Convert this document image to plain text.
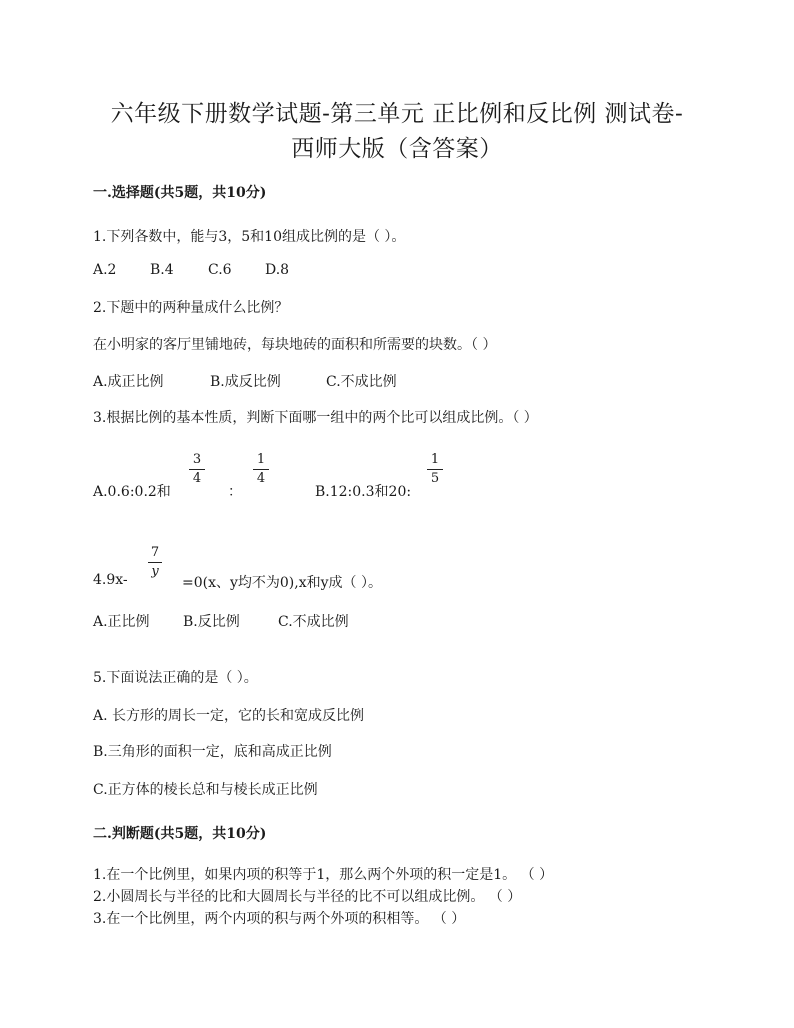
六年级下册数学试题-第三单元 正比例和反比例 测试卷-
西师大版（含答案）
一.选择题(共5题，共10分)
1.下列各数中，能与3，5和10组成比例的是（ ）。
A.2 B.4 C.6 D.8
2.下题中的两种量成什么比例？
在小明家的客厅里铺地砖，每块地砖的面积和所需要的块数。（ ）
A.成正比例	B.成反比例	C.不成比例
3.根据比例的基本性质，判断下面哪一组中的两个比可以组成比例。（ ）
3
4
1
4
1
5
A.0.6:0.2和	：	B.12:0.3和20:
7
y
4.9x-	=0(x、y均不为0),x和y成（ ）。
A.正比例 B.反比例	C.不成比例
5.下面说法正确的是（ ）。
A. 长方形的周长一定，它的长和宽成反比例
B.三角形的面积一定，底和高成正比例
C.正方体的棱长总和与棱长成正比例
二.判断题(共5题，共10分)
1.在一个比例里，如果内项的积等于1，那么两个外项的积一定是1。 （ ）
2.小圆周长与半径的比和大圆周长与半径的比不可以组成比例。 （ ）
3.在一个比例里，两个内项的积与两个外项的积相等。 （ ）
